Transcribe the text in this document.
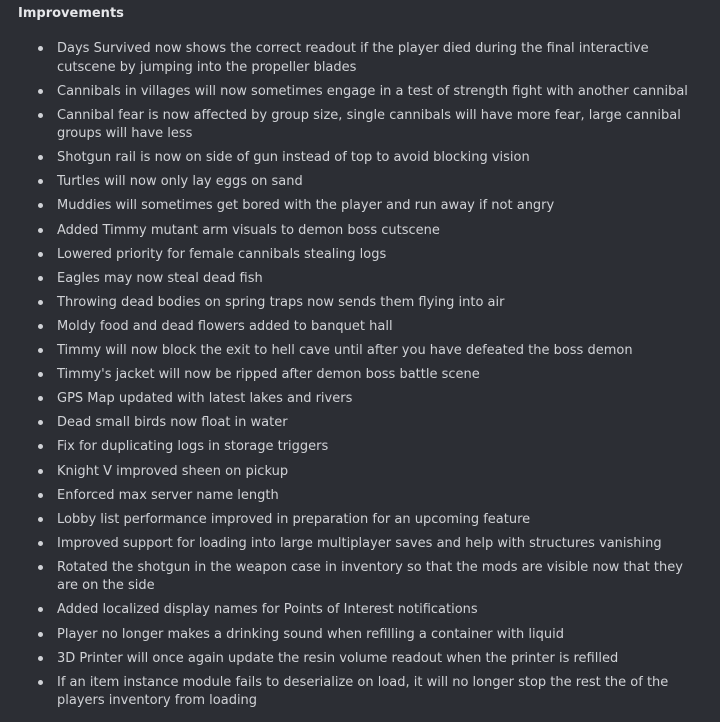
Improvements
Days Survived now shows the correct readout if the player died during the final interactive cutscene by jumping into the propeller blades
Cannibals in villages will now sometimes engage in a test of strength fight with another cannibal
Cannibal fear is now affected by group size, single cannibals will have more fear, large cannibal groups will have less
Shotgun rail is now on side of gun instead of top to avoid blocking vision
Turtles will now only lay eggs on sand
Muddies will sometimes get bored with the player and run away if not angry
Added Timmy mutant arm visuals to demon boss cutscene
Lowered priority for female cannibals stealing logs
Eagles may now steal dead fish
Throwing dead bodies on spring traps now sends them flying into air
Moldy food and dead flowers added to banquet hall
Timmy will now block the exit to hell cave until after you have defeated the boss demon
Timmy's jacket will now be ripped after demon boss battle scene
GPS Map updated with latest lakes and rivers
Dead small birds now float in water
Fix for duplicating logs in storage triggers
Knight V improved sheen on pickup
Enforced max server name length
Lobby list performance improved in preparation for an upcoming feature
Improved support for loading into large multiplayer saves and help with structures vanishing
Rotated the shotgun in the weapon case in inventory so that the mods are visible now that they are on the side
Added localized display names for Points of Interest notifications
Player no longer makes a drinking sound when refilling a container with liquid
3D Printer will once again update the resin volume readout when the printer is refilled
If an item instance module fails to deserialize on load, it will no longer stop the rest the of the players inventory from loading
